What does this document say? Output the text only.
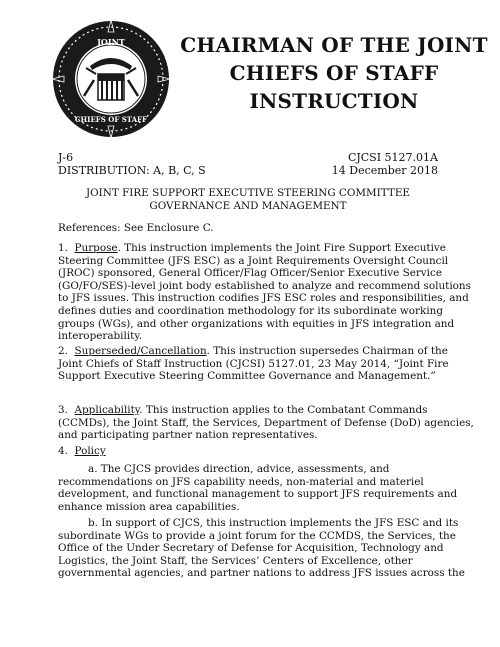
JOINT
CHIEFS OF STAFF
CHAIRMAN OF THE JOINT
CHIEFS OF STAFF
INSTRUCTION
J-6	CJCSI 5127.01A
DISTRIBUTION: A, B, C, S	14 December 2018
JOINT FIRE SUPPORT EXECUTIVE STEERING COMMITTEE
GOVERNANCE AND MANAGEMENT
References: See Enclosure C.
1. Purpose. This instruction implements the Joint Fire Support Executive
Steering Committee (JFS ESC) as a Joint Requirements Oversight Council
(JROC) sponsored, General Officer/Flag Officer/Senior Executive Service
(GO/FO/SES)-level joint body established to analyze and recommend solutions
to JFS issues. This instruction codifies JFS ESC roles and responsibilities, and
defines duties and coordination methodology for its subordinate working
groups (WGs), and other organizations with equities in JFS integration and
interoperability.
2. Superseded/Cancellation. This instruction supersedes Chairman of the
Joint Chiefs of Staff Instruction (CJCSI) 5127.01, 23 May 2014, “Joint Fire
Support Executive Steering Committee Governance and Management.”
3. Applicability. This instruction applies to the Combatant Commands
(CCMDs), the Joint Staff, the Services, Department of Defense (DoD) agencies,
and participating partner nation representatives.
4. Policy
a. The CJCS provides direction, advice, assessments, and
recommendations on JFS capability needs, non-material and materiel
development, and functional management to support JFS requirements and
enhance mission area capabilities.
b. In support of CJCS, this instruction implements the JFS ESC and its
subordinate WGs to provide a joint forum for the CCMDS, the Services, the
Office of the Under Secretary of Defense for Acquisition, Technology and
Logistics, the Joint Staff, the Services’ Centers of Excellence, other
governmental agencies, and partner nations to address JFS issues across the
